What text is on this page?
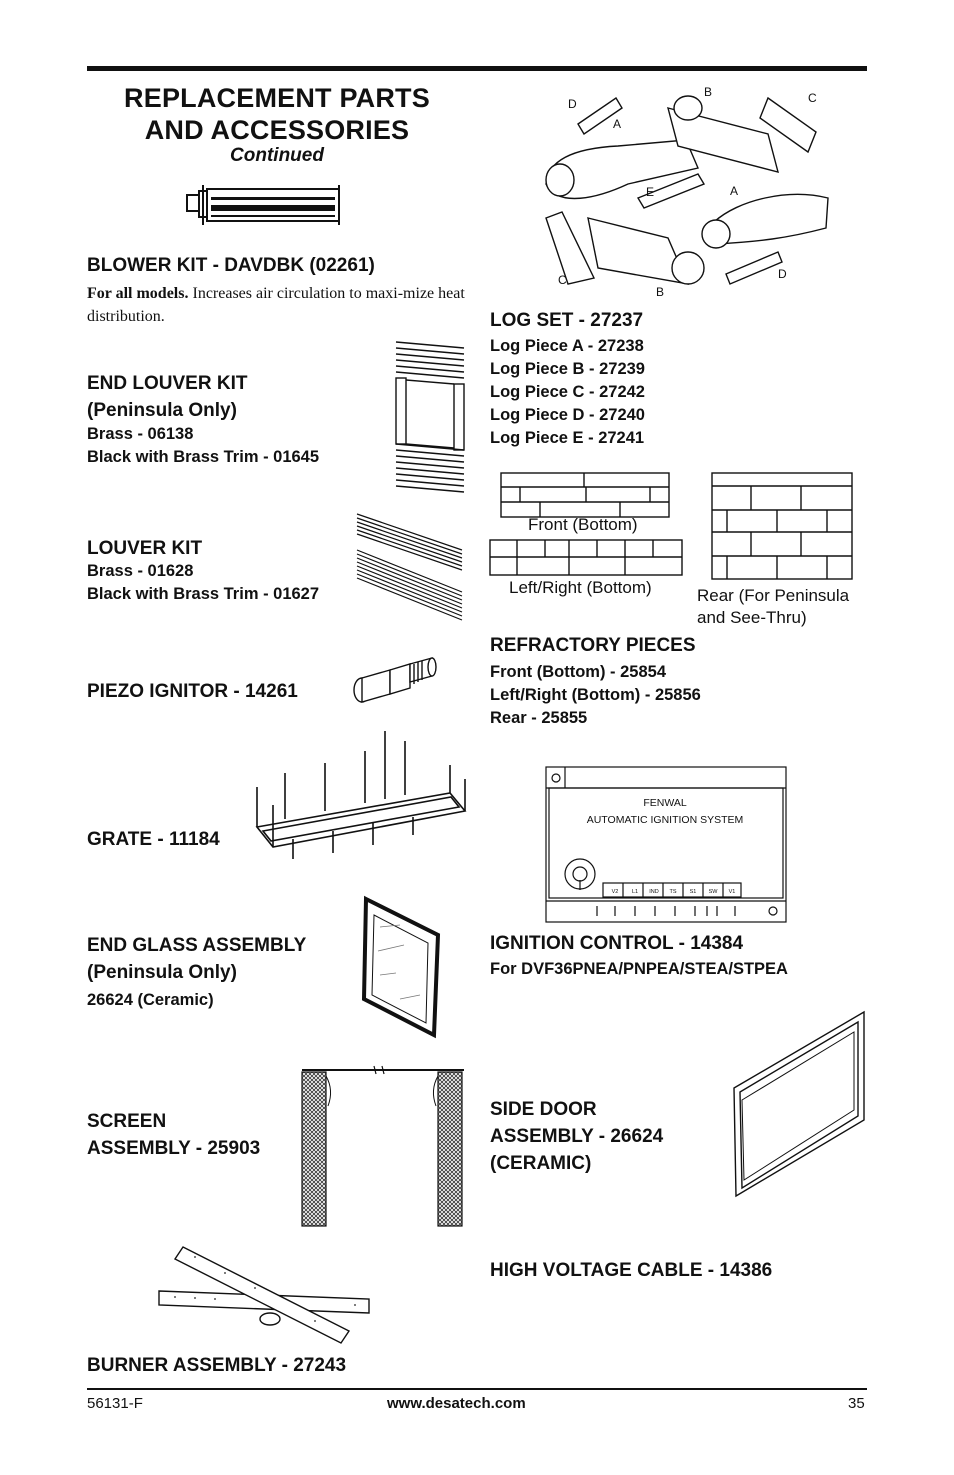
REPLACEMENT PARTS
AND ACCESSORIES
Continued
BLOWER KIT - DAVDBK (02261)
For all models. Increases air circulation to maxi-mize heat distribution.
END LOUVER KIT
(Peninsula Only)
Brass - 06138
Black with Brass Trim - 01645
LOUVER KIT
Brass - 01628
Black with Brass Trim - 01627
PIEZO IGNITOR - 14261
GRATE - 11184
END GLASS ASSEMBLY
(Peninsula Only)
26624 (Ceramic)
SCREEN
ASSEMBLY - 25903
BURNER ASSEMBLY - 27243
D
A
B	C
E	A
C
B
D
LOG SET - 27237
Log Piece A - 27238
Log Piece B - 27239
Log Piece C - 27242
Log Piece D - 27240
Log Piece E - 27241
Front (Bottom)
Left/Right (Bottom)	Rear (For Peninsula
and See-Thru)
REFRACTORY PIECES
Front (Bottom) - 25854
Left/Right (Bottom) - 25856
Rear - 25855
FENWAL
AUTOMATIC IGNITION SYSTEM
V2 L1 IND TS S1 SW V1
IGNITION CONTROL - 14384
For DVF36PNEA/PNPEA/STEA/STPEA
SIDE DOOR
ASSEMBLY - 26624
(CERAMIC)
HIGH VOLTAGE CABLE - 14386
56131-F	www.desatech.com	35
